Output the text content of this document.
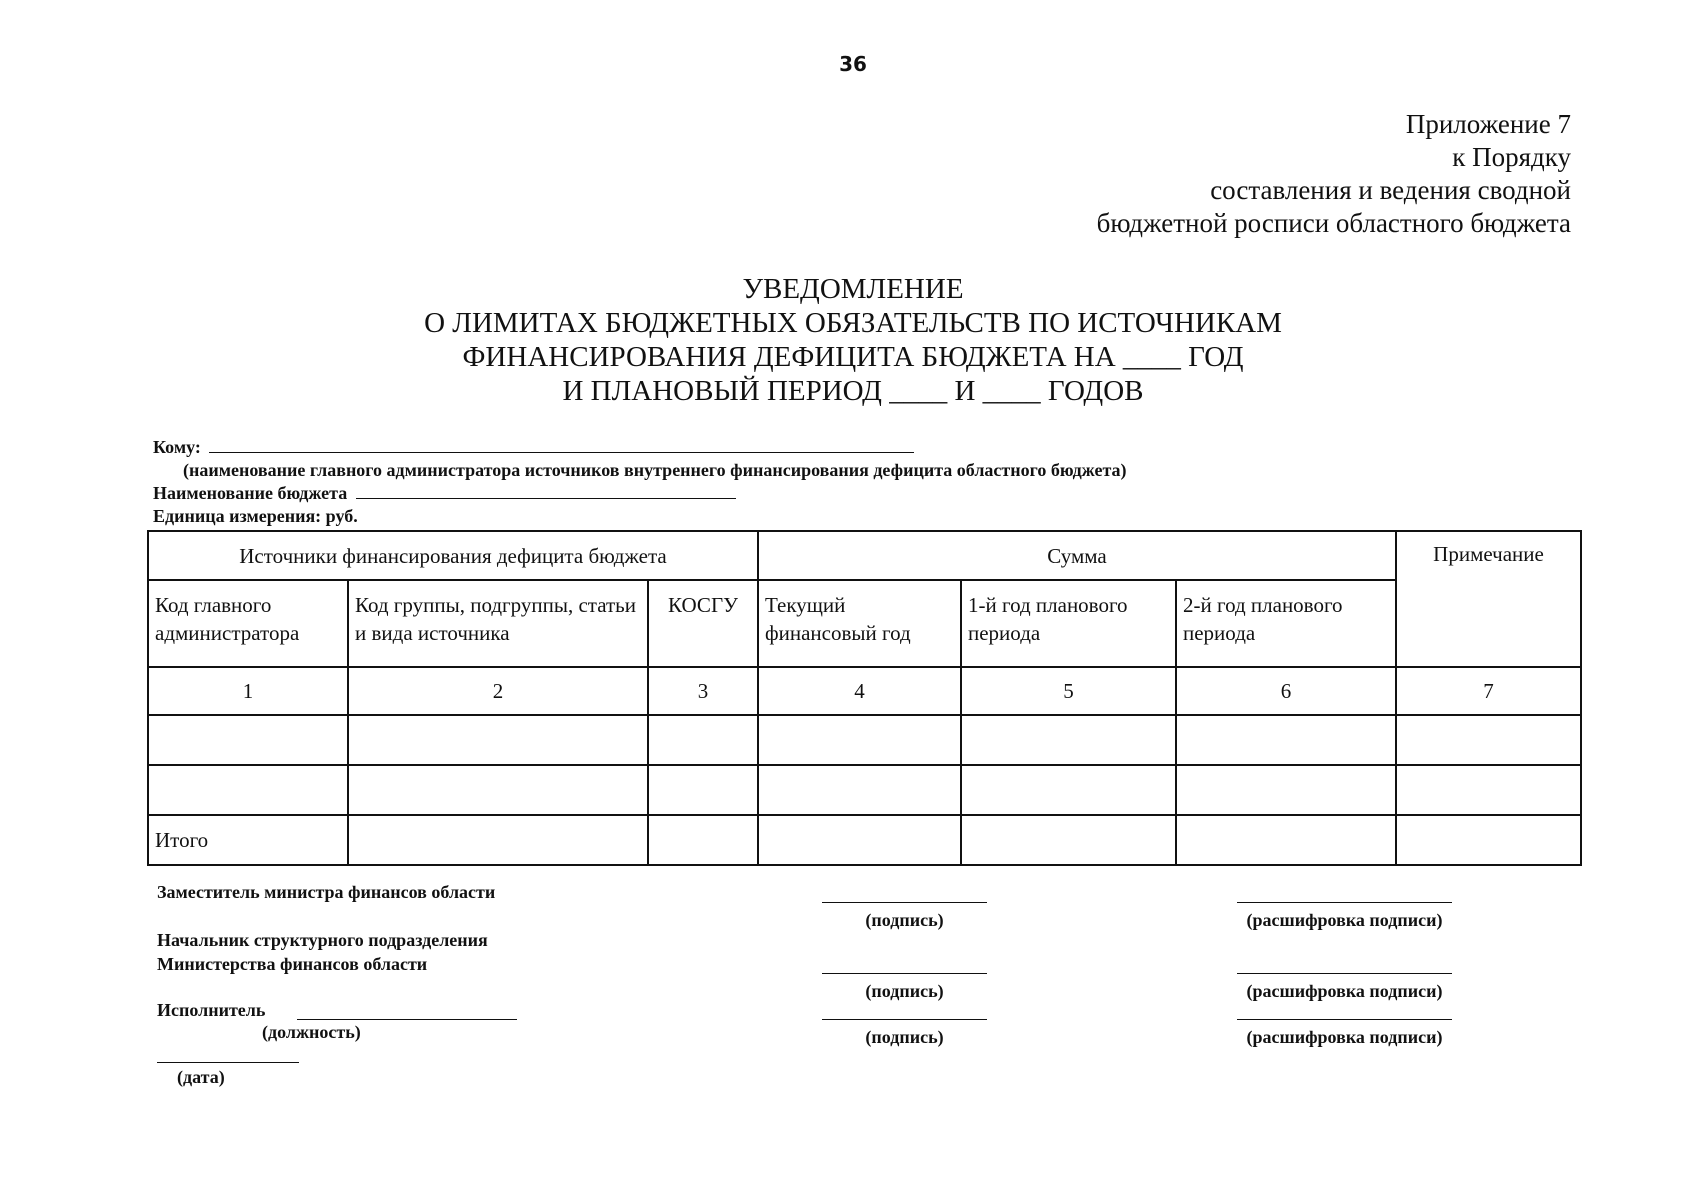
36
Приложение 7
к Порядку
составления и ведения сводной
бюджетной росписи областного бюджета
УВЕДОМЛЕНИЕ
О ЛИМИТАХ БЮДЖЕТНЫХ ОБЯЗАТЕЛЬСТВ ПО ИСТОЧНИКАМ
ФИНАНСИРОВАНИЯ ДЕФИЦИТА БЮДЖЕТА НА ____ ГОД
И ПЛАНОВЫЙ ПЕРИОД ____ И ____ ГОДОВ
Кому:
(наименование главного администратора источников внутреннего финансирования дефицита областного бюджета)
Наименование бюджета
Единица измерения: руб.
Источники финансирования дефицита бюджета			Сумма			Примечание
Код главного администратора	Код группы, подгруппы, статьи и вида источника	КОСГУ	Текущий финансовый год	1-й год планового периода	2-й год планового периода	
1	2	3	4	5	6	7

Итого						
Заместитель министра финансов области
(подпись)	(расшифровка подписи)
Начальник структурного подразделения
Министерства финансов области
(подпись)	(расшифровка подписи)
Исполнитель
(должность)	(подпись)	(расшифровка подписи)
(дата)
